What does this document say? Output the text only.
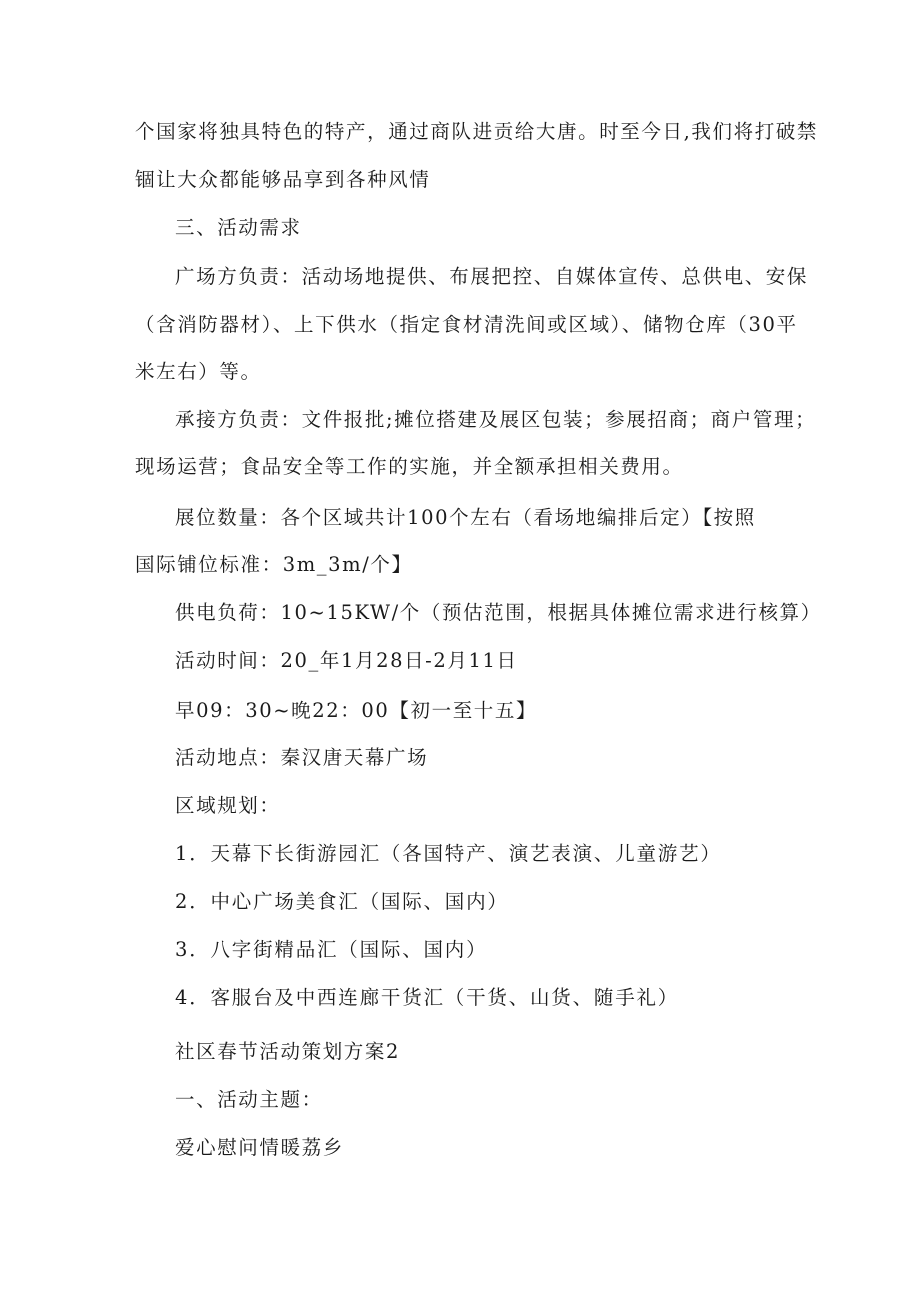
个国家将独具特色的特产，通过商队进贡给大唐。时至今日,我们将打破禁
锢让大众都能够品享到各种风情
三、活动需求
广场方负责：活动场地提供、布展把控、自媒体宣传、总供电、安保
（含消防器材）、上下供水（指定食材清洗间或区域）、储物仓库（30平
米左右）等。
承接方负责：文件报批;摊位搭建及展区包装；参展招商；商户管理；
现场运营；食品安全等工作的实施，并全额承担相关费用。
展位数量：各个区域共计100个左右（看场地编排后定）【按照
国际铺位标准：3m_3m/个】
供电负荷：10~15KW/个（预估范围，根据具体摊位需求进行核算）
活动时间：20_年1月28日-2月11日
早09：30~晚22：00【初一至十五】
活动地点：秦汉唐天幕广场
区域规划：
1．天幕下长街游园汇（各国特产、演艺表演、儿童游艺）
2．中心广场美食汇（国际、国内）
3．八字街精品汇（国际、国内）
4．客服台及中西连廊干货汇（干货、山货、随手礼）
社区春节活动策划方案2
一、活动主题：
爱心慰问情暖荔乡
